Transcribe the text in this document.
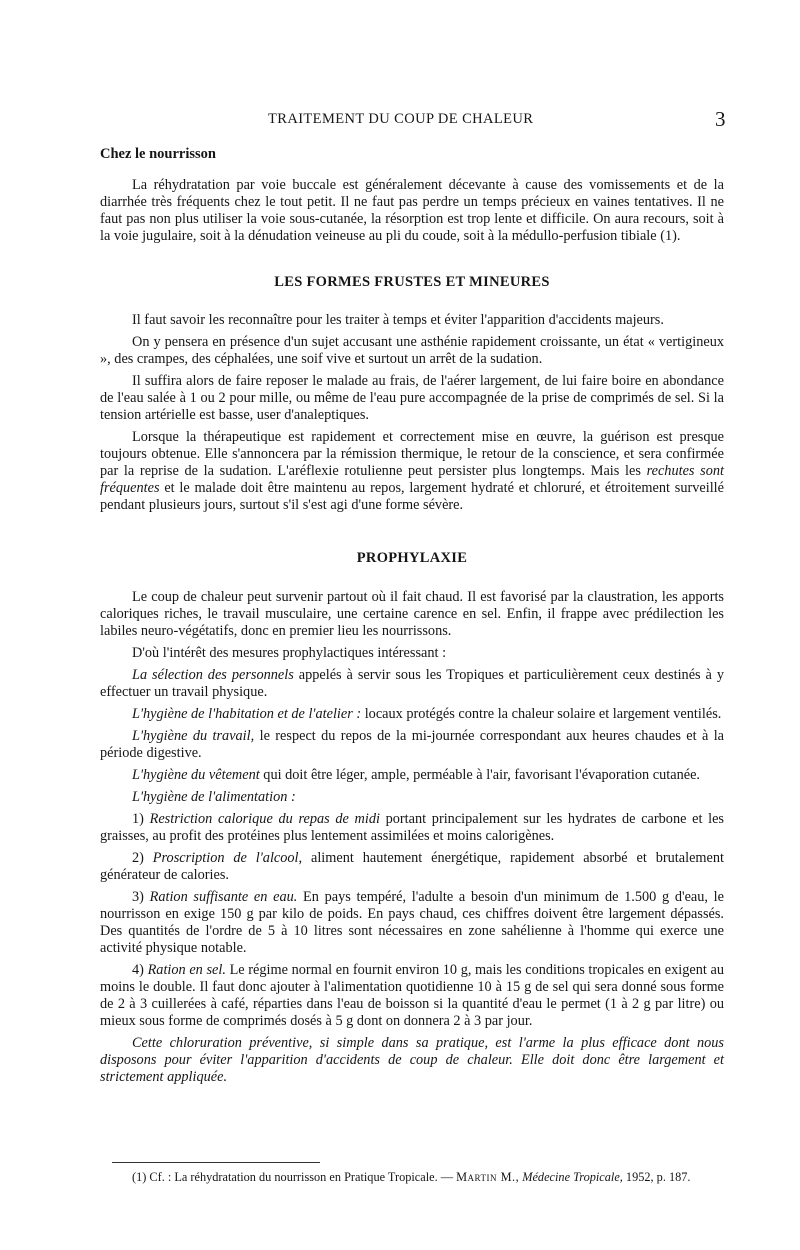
TRAITEMENT DU COUP DE CHALEUR	3
Chez le nourrisson

La réhydratation par voie buccale est généralement décevante à cause des vomissements et de la diarrhée très fréquents chez le tout petit. Il ne faut pas perdre un temps précieux en vaines tentatives. Il ne faut pas non plus utiliser la voie sous-cutanée, la résorption est trop lente et difficile. On aura recours, soit à la voie jugulaire, soit à la dénudation veineuse au pli du coude, soit à la médullo-perfusion tibiale (1).

LES FORMES FRUSTES ET MINEURES

Il faut savoir les reconnaître pour les traiter à temps et éviter l'apparition d'accidents majeurs.

On y pensera en présence d'un sujet accusant une asthénie rapidement croissante, un état « vertigineux », des crampes, des céphalées, une soif vive et surtout un arrêt de la sudation.

Il suffira alors de faire reposer le malade au frais, de l'aérer largement, de lui faire boire en abondance de l'eau salée à 1 ou 2 pour mille, ou même de l'eau pure accompagnée de la prise de comprimés de sel. Si la tension artérielle est basse, user d'analeptiques.

Lorsque la thérapeutique est rapidement et correctement mise en œuvre, la guérison est presque toujours obtenue. Elle s'annoncera par la rémission thermique, le retour de la conscience, et sera confirmée par la reprise de la sudation. L'aréflexie rotulienne peut persister plus longtemps. Mais les rechutes sont fréquentes et le malade doit être maintenu au repos, largement hydraté et chloruré, et étroitement surveillé pendant plusieurs jours, surtout s'il s'est agi d'une forme sévère.

PROPHYLAXIE

Le coup de chaleur peut survenir partout où il fait chaud. Il est favorisé par la claustration, les apports caloriques riches, le travail musculaire, une certaine carence en sel. Enfin, il frappe avec prédilection les labiles neuro-végétatifs, donc en premier lieu les nourrissons.

D'où l'intérêt des mesures prophylactiques intéressant :

La sélection des personnels appelés à servir sous les Tropiques et particulièrement ceux destinés à y effectuer un travail physique.

L'hygiène de l'habitation et de l'atelier : locaux protégés contre la chaleur solaire et largement ventilés.

L'hygiène du travail, le respect du repos de la mi-journée correspondant aux heures chaudes et à la période digestive.

L'hygiène du vêtement qui doit être léger, ample, perméable à l'air, favorisant l'évaporation cutanée.

L'hygiène de l'alimentation :

1) Restriction calorique du repas de midi portant principalement sur les hydrates de carbone et les graisses, au profit des protéines plus lentement assimilées et moins calorigènes.

2) Proscription de l'alcool, aliment hautement énergétique, rapidement absorbé et brutalement générateur de calories.

3) Ration suffisante en eau. En pays tempéré, l'adulte a besoin d'un minimum de 1.500 g d'eau, le nourrisson en exige 150 g par kilo de poids. En pays chaud, ces chiffres doivent être largement dépassés. Des quantités de l'ordre de 5 à 10 litres sont nécessaires en zone sahélienne à l'homme qui exerce une activité physique notable.

4) Ration en sel. Le régime normal en fournit environ 10 g, mais les conditions tropicales en exigent au moins le double. Il faut donc ajouter à l'alimentation quotidienne 10 à 15 g de sel qui sera donné sous forme de 2 à 3 cuillerées à café, réparties dans l'eau de boisson si la quantité d'eau le permet (1 à 2 g par litre) ou mieux sous forme de comprimés dosés à 5 g dont on donnera 2 à 3 par jour.

Cette chloruration préventive, si simple dans sa pratique, est l'arme la plus efficace dont nous disposons pour éviter l'apparition d'accidents de coup de chaleur. Elle doit donc être largement et strictement appliquée.

(1) Cf. : La réhydratation du nourrisson en Pratique Tropicale. — Martin M., Médecine Tropicale, 1952, p. 187.
